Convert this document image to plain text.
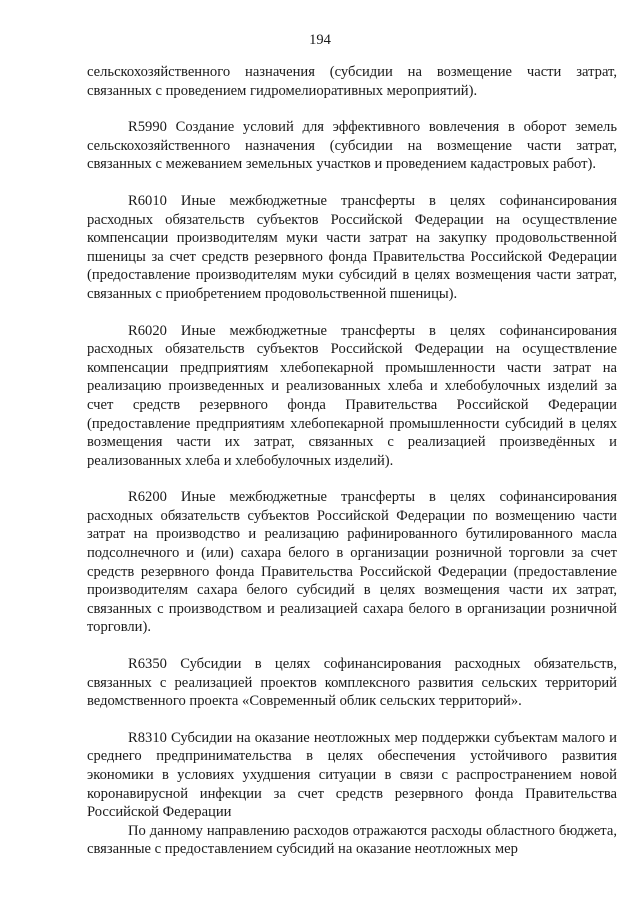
194

сельскохозяйственного назначения (субсидии на возмещение части затрат, связанных с проведением гидромелиоративных мероприятий).

R5990 Создание условий для эффективного вовлечения в оборот земель сельскохозяйственного назначения (субсидии на возмещение части затрат, связанных с межеванием земельных участков и проведением кадастровых работ).

R6010 Иные межбюджетные трансферты в целях софинансирования расходных обязательств субъектов Российской Федерации на осуществление компенсации производителям муки части затрат на закупку продовольственной пшеницы за счет средств резервного фонда Правительства Российской Федерации (предоставление производителям муки субсидий в целях возмещения части затрат, связанных с приобретением продовольственной пшеницы).

R6020 Иные межбюджетные трансферты в целях софинансирования расходных обязательств субъектов Российской Федерации на осуществление компенсации предприятиям хлебопекарной промышленности части затрат на реализацию произведенных и реализованных хлеба и хлебобулочных изделий за счет средств резервного фонда Правительства Российской Федерации (предоставление предприятиям хлебопекарной промышленности субсидий в целях возмещения части их затрат, связанных с реализацией произведённых и реализованных хлеба и хлебобулочных изделий).

R6200 Иные межбюджетные трансферты в целях софинансирования расходных обязательств субъектов Российской Федерации по возмещению части затрат на производство и реализацию рафинированного бутилированного масла подсолнечного и (или) сахара белого в организации розничной торговли за счет средств резервного фонда Правительства Российской Федерации (предоставление производителям сахара белого субсидий в целях возмещения части их затрат, связанных с производством и реализацией сахара белого в организации розничной торговли).

R6350 Субсидии в целях софинансирования расходных обязательств, связанных с реализацией проектов комплексного развития сельских территорий ведомственного проекта «Современный облик сельских территорий».

R8310 Субсидии на оказание неотложных мер поддержки субъектам малого и среднего предпринимательства в целях обеспечения устойчивого развития экономики в условиях ухудшения ситуации в связи с распространением новой коронавирусной инфекции за счет средств резервного фонда Правительства Российской Федерации

По данному направлению расходов отражаются расходы областного бюджета, связанные с предоставлением субсидий на оказание неотложных мер
